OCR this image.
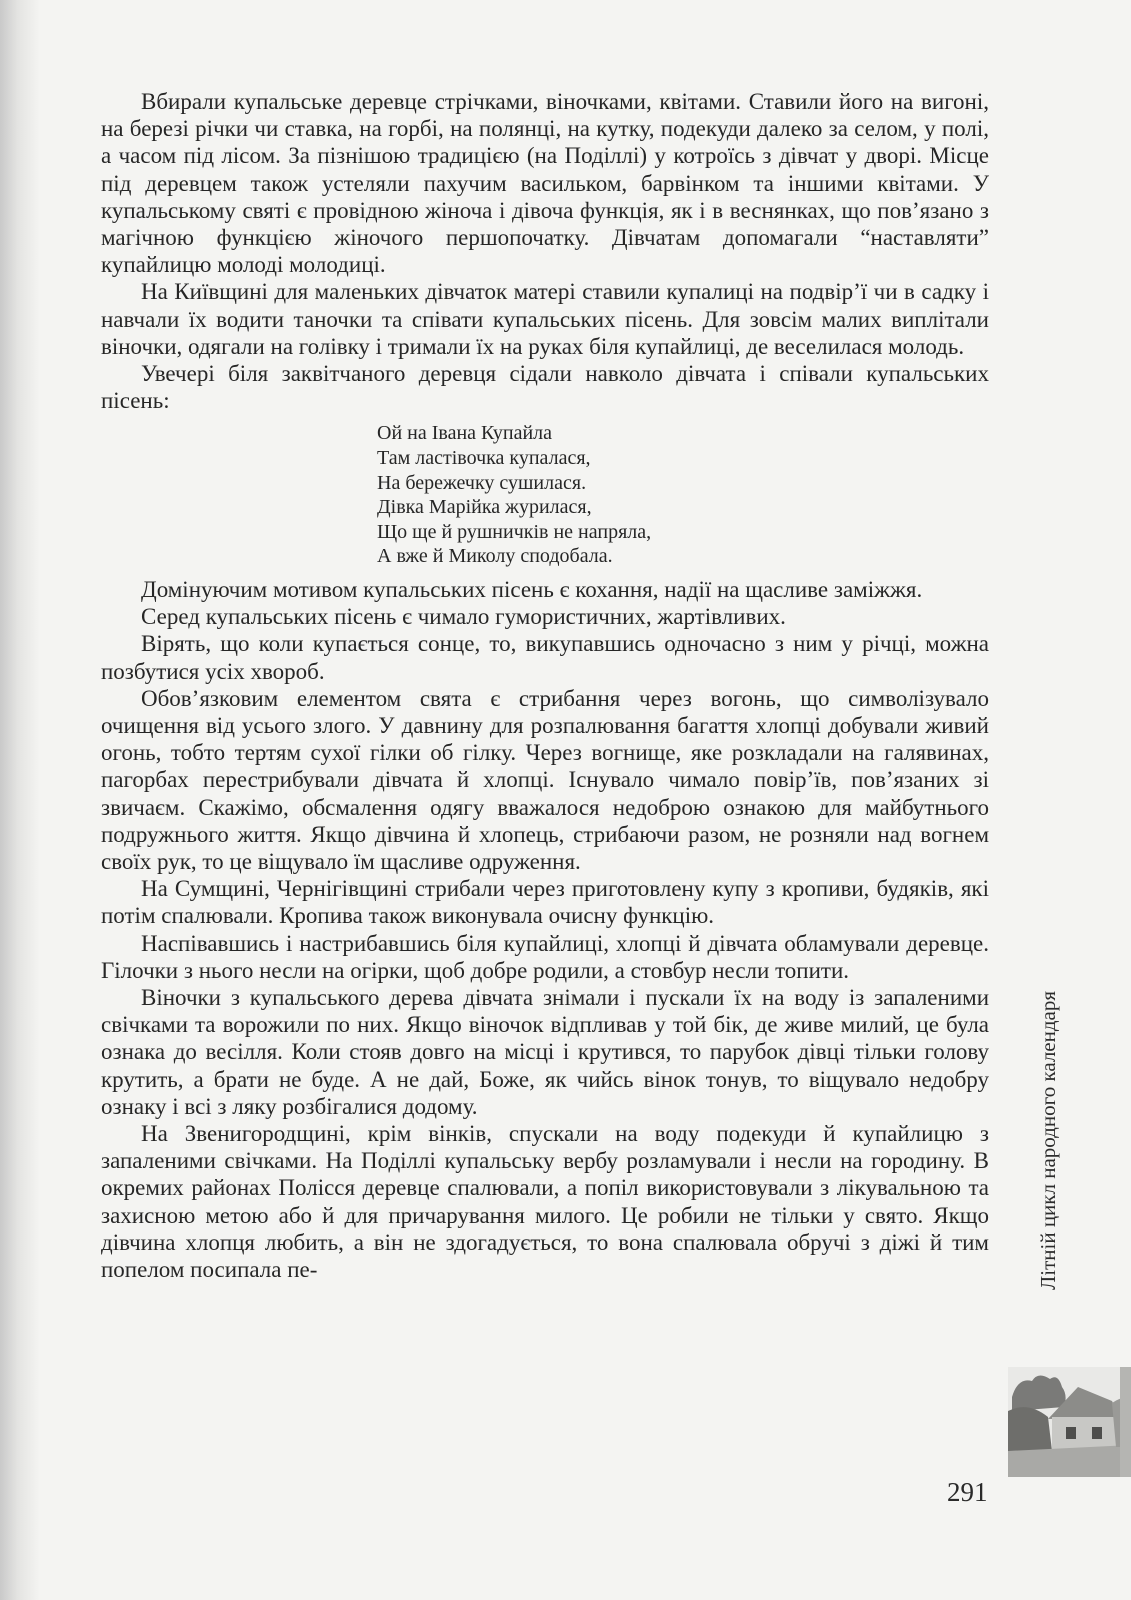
Вбирали купальське деревце стрічками, віночками, квітами. Ставили його на вигоні, на березі річки чи ставка, на горбі, на полянці, на кутку, подекуди далеко за селом, у полі, а часом під лісом. За пізнішою традицією (на Поділлі) у котроїсь з дівчат у дворі. Місце під деревцем також устеляли пахучим васильком, барвінком та іншими квітами. У купальському святі є провідною жіноча і дівоча функція, як і в веснянках, що пов’язано з магічною функцією жіночого першопочатку. Дівчатам допомагали “наставляти” купайлицю молоді молодиці.

На Київщині для маленьких дівчаток матері ставили купалиці на подвір’ї чи в садку і навчали їх водити таночки та співати купальських пісень. Для зовсім малих виплітали віночки, одягали на голівку і тримали їх на руках біля купайлиці, де веселилася молодь.

Увечері біля заквітчаного деревця сідали навколо дівчата і співали купальських пісень:

Ой на Івана Купайла
Там ластівочка купалася,
На бережечку сушилася.
Дівка Марійка журилася,
Що ще й рушничків не напряла,
А вже й Миколу сподобала.

Домінуючим мотивом купальських пісень є кохання, надії на щасливе заміжжя.

Серед купальських пісень є чимало гумористичних, жартівливих.

Вірять, що коли купається сонце, то, викупавшись одночасно з ним у річці, можна позбутися усіх хвороб.

Обов’язковим елементом свята є стрибання через вогонь, що символізувало очищення від усього злого. У давнину для розпалювання багаття хлопці добували живий огонь, тобто тертям сухої гілки об гілку. Через вогнище, яке розкладали на галявинах, пагорбах перестрибували дівчата й хлопці. Існувало чимало повір’їв, пов’язаних зі звичаєм. Скажімо, обсмалення одягу вважалося недоброю ознакою для майбутнього подружнього життя. Якщо дівчина й хлопець, стрибаючи разом, не розняли над вогнем своїх рук, то це віщувало їм щасливе одруження.

На Сумщині, Чернігівщині стрибали через приготовлену купу з кропиви, будяків, які потім спалювали. Кропива також виконувала очисну функцію.

Наспівавшись і настрибавшись біля купайлиці, хлопці й дівчата обламували деревце. Гілочки з нього несли на огірки, щоб добре родили, а стовбур несли топити.

Віночки з купальського дерева дівчата знімали і пускали їх на воду із запаленими свічками та ворожили по них. Якщо віночок відпливав у той бік, де живе милий, це була ознака до весілля. Коли стояв довго на місці і крутився, то парубок дівці тільки голову крутить, а брати не буде. А не дай, Боже, як чийсь вінок тонув, то віщувало недобру ознаку і всі з ляку розбігалися додому.

На Звенигородщині, крім вінків, спускали на воду подекуди й купайлицю з запаленими свічками. На Поділлі купальську вербу розламували і несли на городину. В окремих районах Полісся деревце спалювали, а попіл використовували з лікувальною та захисною метою або й для причарування милого. Це робили не тільки у свято. Якщо дівчина хлопця любить, а він не здогадується, то вона спалювала обручі з діжі й тим попелом посипала пе-	Літній цикл народного календаря
291
